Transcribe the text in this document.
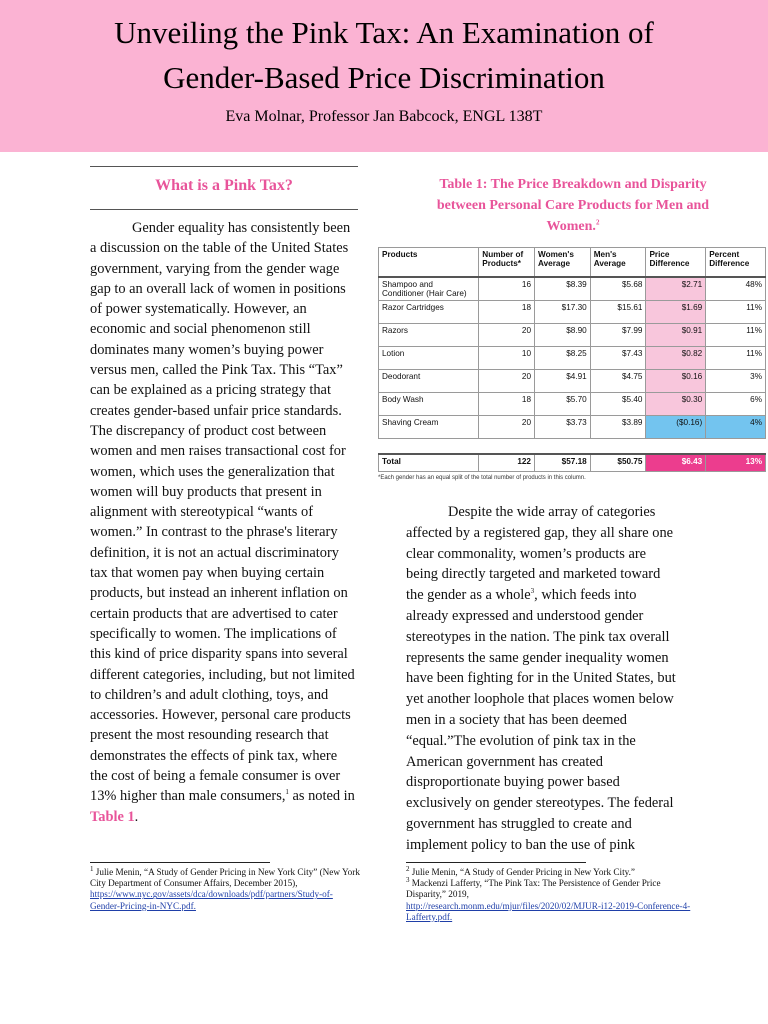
Unveiling the Pink Tax: An Examination of
Gender-Based Price Discrimination
Eva Molnar, Professor Jan Babcock, ENGL 138T
What is a Pink Tax?

Gender equality has consistently been a discussion on the table of the United States government, varying from the gender wage gap to an overall lack of women in positions of power systematically. However, an economic and social phenomenon still dominates many women’s buying power versus men, called the Pink Tax. This “Tax” can be explained as a pricing strategy that creates gender-based unfair price standards. The discrepancy of product cost between women and men raises transactional cost for women, which uses the generalization that women will buy products that present in alignment with stereotypical “wants of women.” In contrast to the phrase's literary definition, it is not an actual discriminatory tax that women pay when buying certain products, but instead an inherent inflation on certain products that are advertised to cater specifically to women. The implications of this kind of price disparity spans into several different categories, including, but not limited to children’s and adult clothing, toys, and accessories. However, personal care products present the most resounding research that demonstrates the effects of pink tax, where the cost of being a female consumer is over 13% higher than male consumers,$^1$ as noted in Table 1.

Table 1: The Price Breakdown and Disparity between Personal Care Products for Men and Women.$^2$
Products	Number of Products*	Women's Average	Men's Average	Price Difference	Percent Difference
Shampoo and Conditioner (Hair Care)	16	$8.39	$5.68	$2.71	48%
Razor Cartridges	18	$17.30	$15.61	$1.69	11%
Razors	20	$8.90	$7.99	$0.91	11%
Lotion	10	$8.25	$7.43	$0.82	11%
Deodorant	20	$4.91	$4.75	$0.16	3%
Body Wash	18	$5.70	$5.40	$0.30	6%
Shaving Cream	20	$3.73	$3.89	($0.16)	4%

Total	122	$57.18	$50.75	$6.43	13%
*Each gender has an equal split of the total number of products in this column.

Despite the wide array of categories affected by a registered gap, they all share one clear commonality, women’s products are being directly targeted and marketed toward the gender as a whole$^3$, which feeds into already expressed and understood gender stereotypes in the nation. The pink tax overall represents the same gender inequality women have been fighting for in the United States, but yet another loophole that places women below men in a society that has been deemed “equal.”The evolution of pink tax in the American government has created disproportionate buying power based exclusively on gender stereotypes. The federal government has struggled to create and implement policy to ban the use of pink

$^1$ Julie Menin, “A Study of Gender Pricing in New York City” (New York City Department of Consumer Affairs, December 2015),
https://www.nyc.gov/assets/dca/downloads/pdf/partners/Study-of-Gender-Pricing-in-NYC.pdf.

$^2$ Julie Menin, “A Study of Gender Pricing in New York City.”

$^3$ Mackenzi Lafferty, “The Pink Tax: The Persistence of Gender Price Disparity,” 2019,
http://research.monm.edu/mjur/files/2020/02/MJUR-i12-2019-Conference-4-Lafferty.pdf.
